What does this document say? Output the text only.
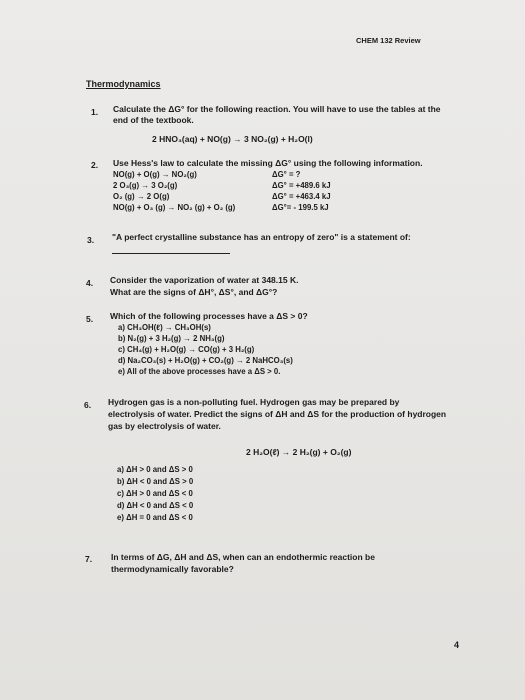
CHEM 132 Review
Thermodynamics
1. Calculate the ΔG° for the following reaction. You will have to use the tables at the
end of the textbook.
2 HNO₃(aq) + NO(g) → 3 NO₂(g) + H₂O(l)
2. Use Hess's law to calculate the missing ΔG° using the following information.
NO(g) + O(g) → NO₂(g)	ΔG° = ?
2 O₃(g) → 3 O₂(g)	ΔG° = +489.6 kJ
O₂ (g) → 2 O(g)	ΔG° = +463.4 kJ
NO(g) + O₃ (g) → NO₂ (g) + O₂ (g)	ΔG°= - 199.5 kJ
3. "A perfect crystalline substance has an entropy of zero" is a statement of:
4. Consider the vaporization of water at 348.15 K.
What are the signs of ΔH°, ΔS°, and ΔG°?
5. Which of the following processes have a ΔS > 0?
a) CH₃OH(ℓ) → CH₃OH(s)
b) N₂(g) + 3 H₂(g) → 2 NH₃(g)
c) CH₄(g) + H₂O(g) → CO(g) + 3 H₂(g)
d) Na₂CO₃(s) + H₂O(g) + CO₂(g) → 2 NaHCO₃(s)
e) All of the above processes have a ΔS > 0.
6. Hydrogen gas is a non-polluting fuel. Hydrogen gas may be prepared by
electrolysis of water. Predict the signs of ΔH and ΔS for the production of hydrogen
gas by electrolysis of water.
2 H₂O(ℓ) → 2 H₂(g) + O₂(g)
a) ΔH > 0 and ΔS > 0
b) ΔH < 0 and ΔS > 0
c) ΔH > 0 and ΔS < 0
d) ΔH < 0 and ΔS < 0
e) ΔH = 0 and ΔS < 0
7. In terms of ΔG, ΔH and ΔS, when can an endothermic reaction be
thermodynamically favorable?
4
